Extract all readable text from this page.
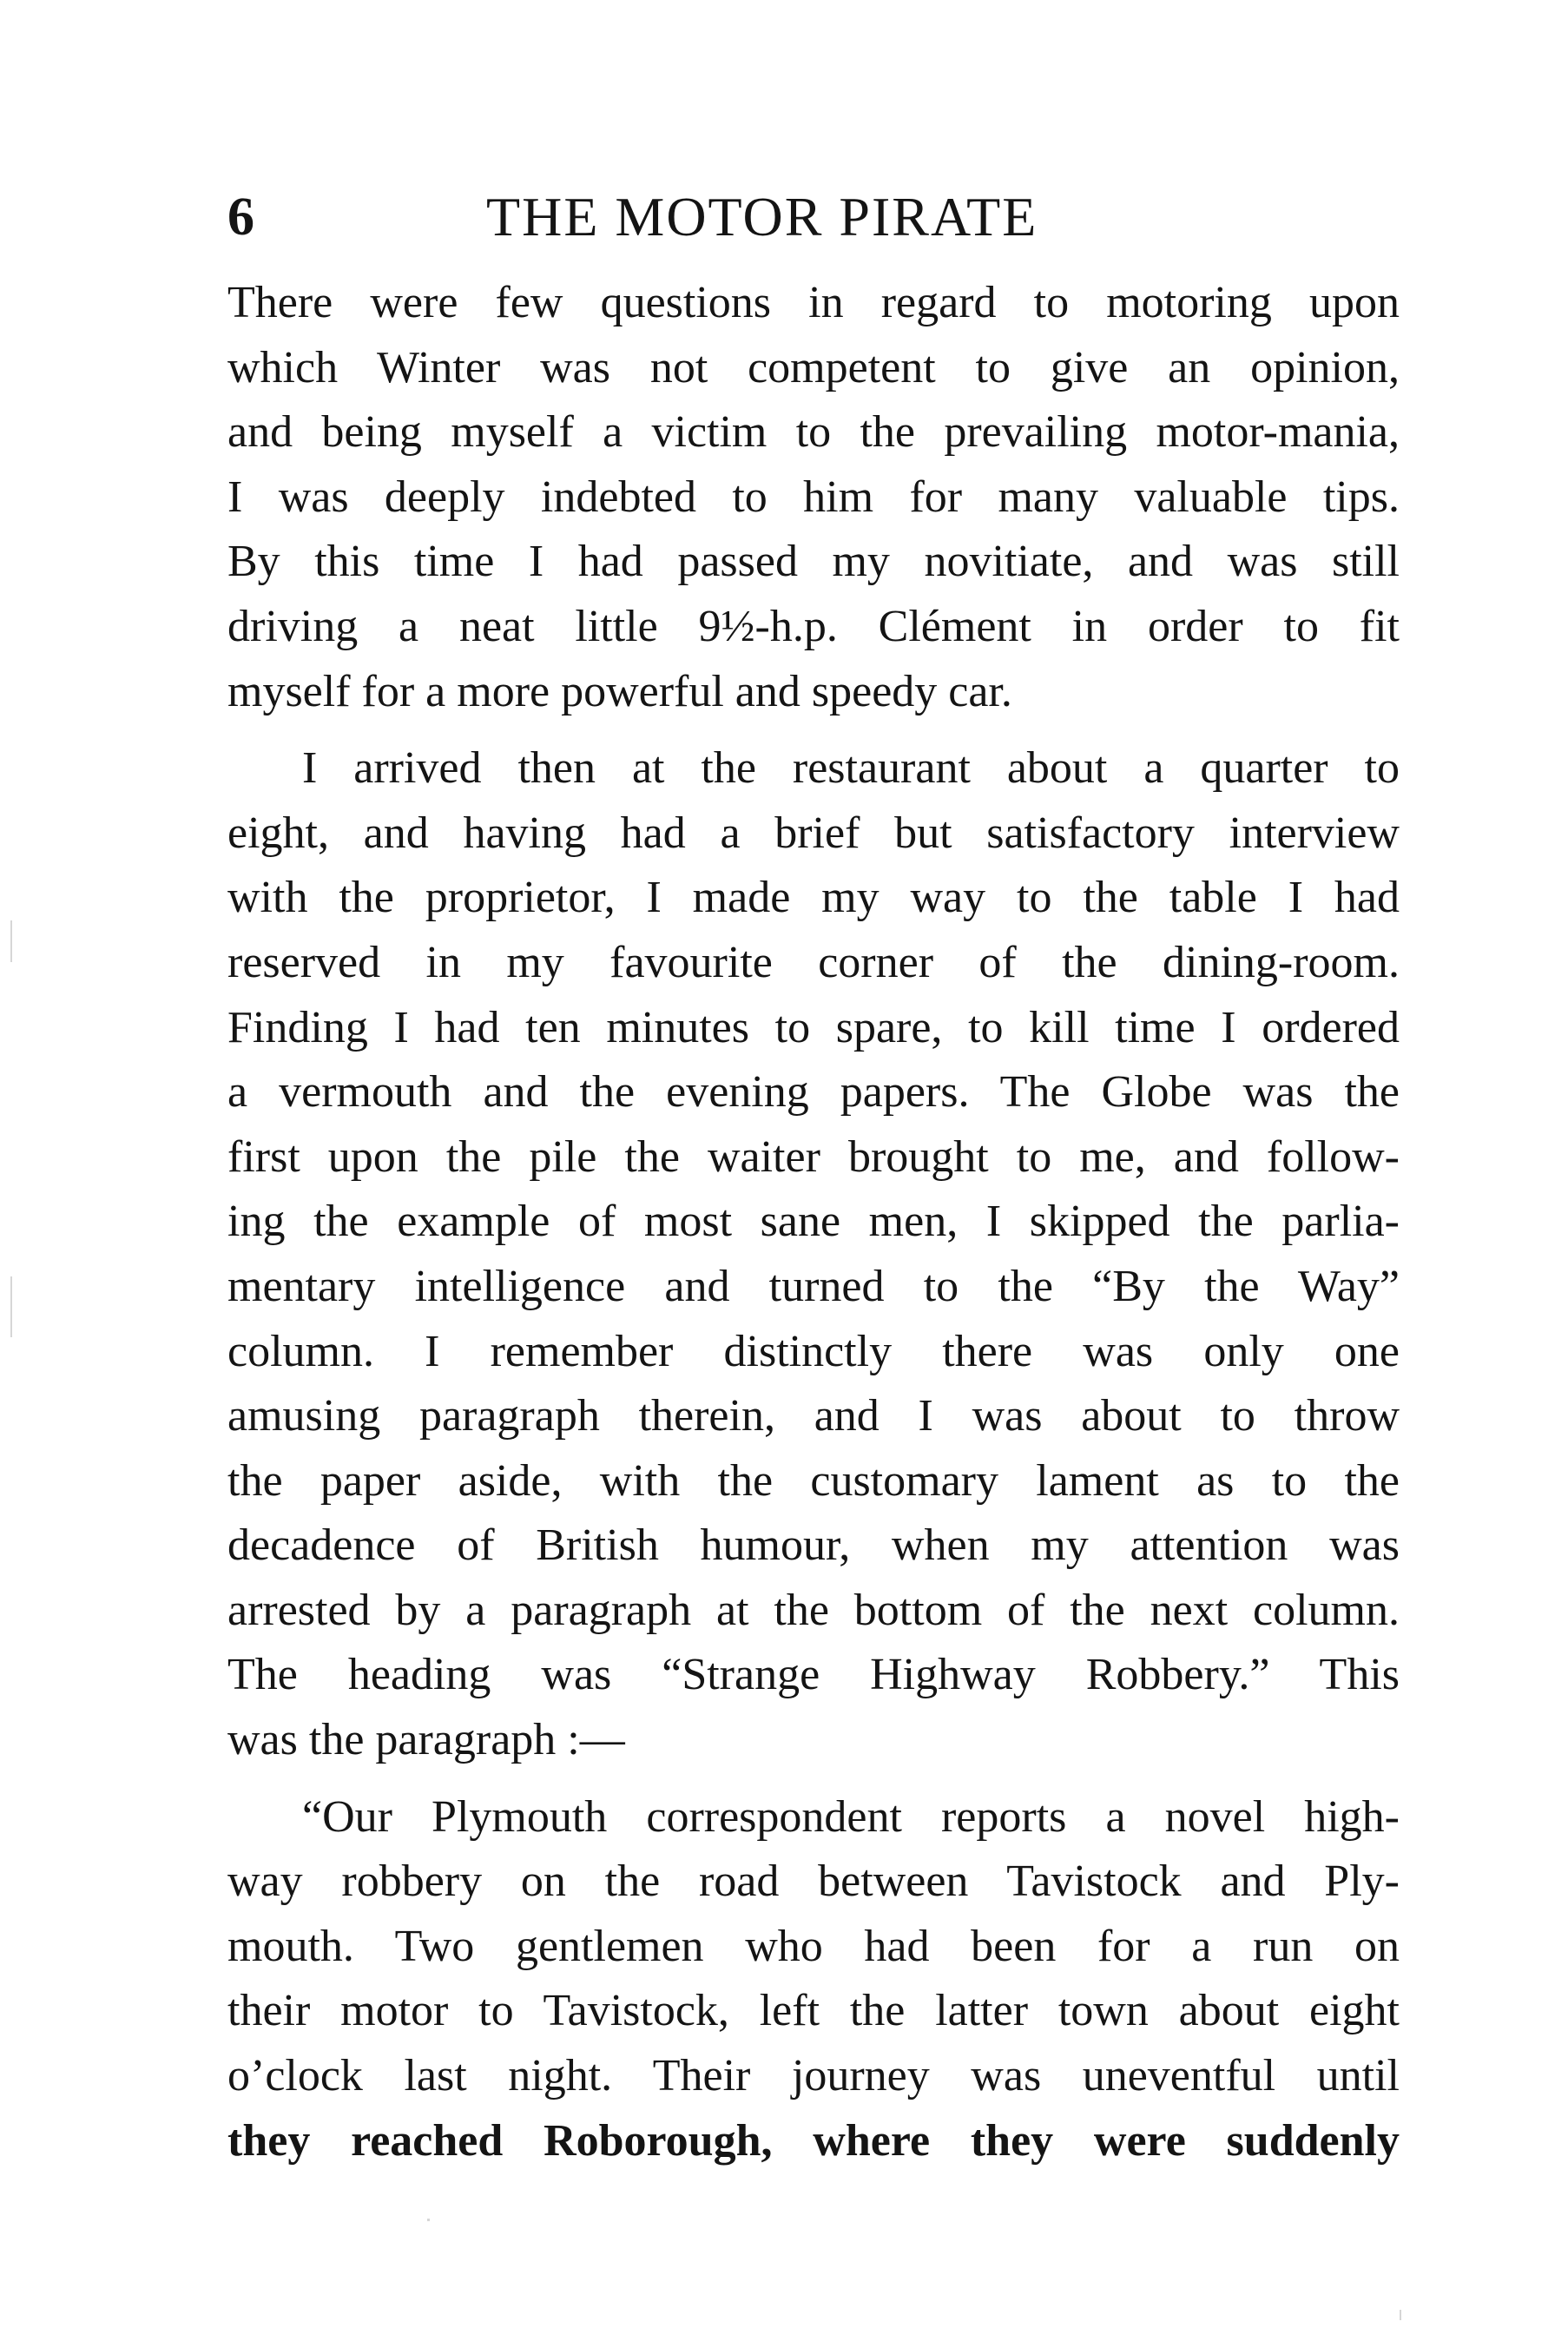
6	THE MOTOR PIRATE
There were few questions in regard to motoring upon
which Winter was not competent to give an opinion,
and being myself a victim to the prevailing motor-mania,
I was deeply indebted to him for many valuable tips.
By this time I had passed my novitiate, and was still
driving a neat little 9½-h.p. Clément in order to fit
myself for a more powerful and speedy car.
I arrived then at the restaurant about a quarter to
eight, and having had a brief but satisfactory interview
with the proprietor, I made my way to the table I had
reserved in my favourite corner of the dining-room.
Finding I had ten minutes to spare, to kill time I ordered
a vermouth and the evening papers. The Globe was the
first upon the pile the waiter brought to me, and follow-
ing the example of most sane men, I skipped the parlia-
mentary intelligence and turned to the “By the Way”
column. I remember distinctly there was only one
amusing paragraph therein, and I was about to throw
the paper aside, with the customary lament as to the
decadence of British humour, when my attention was
arrested by a paragraph at the bottom of the next column.
The heading was “Strange Highway Robbery.” This
was the paragraph :—
“Our Plymouth correspondent reports a novel high-
way robbery on the road between Tavistock and Ply-
mouth. Two gentlemen who had been for a run on
their motor to Tavistock, left the latter town about eight
o’clock last night. Their journey was uneventful until
they reached Roborough, where they were suddenly
